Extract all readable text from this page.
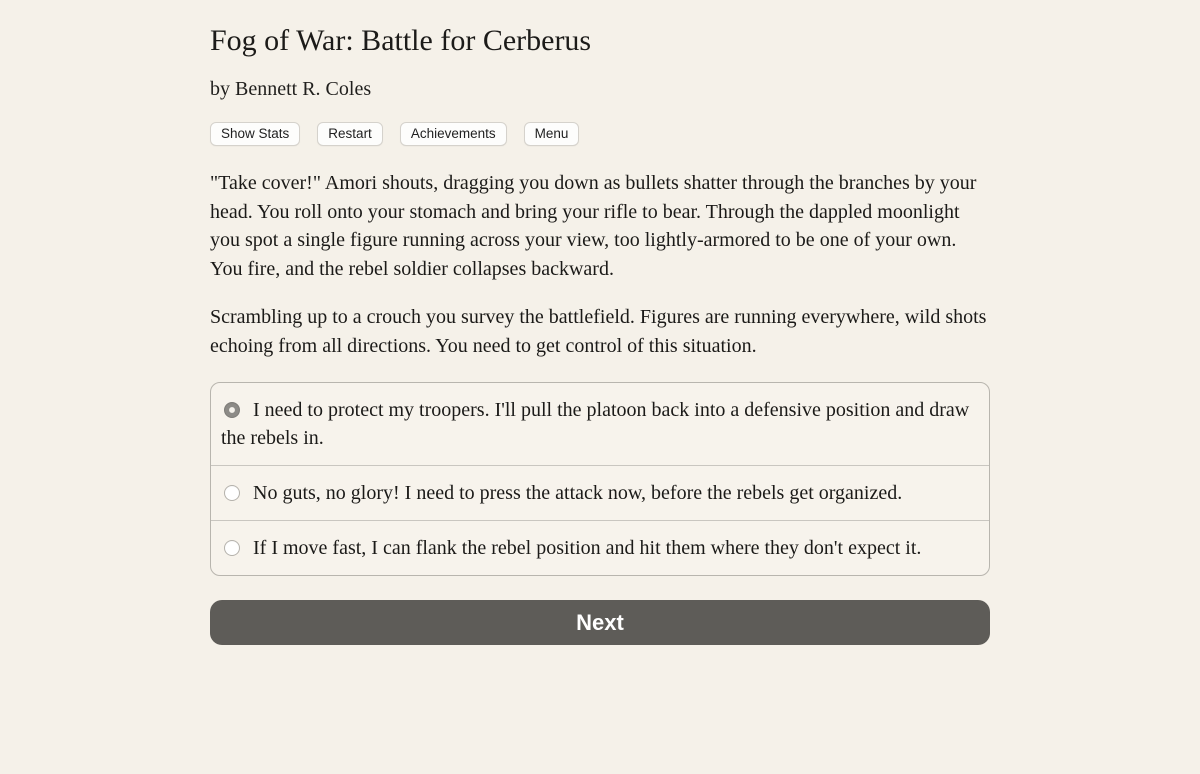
Fog of War: Battle for Cerberus
by Bennett R. Coles
Show Stats	Restart	Achievements	Menu

"Take cover!" Amori shouts, dragging you down as bullets shatter through the branches by your head. You roll onto your stomach and bring your rifle to bear. Through the dappled moonlight you spot a single figure running across your view, too lightly-armored to be one of your own. You fire, and the rebel soldier collapses backward.

Scrambling up to a crouch you survey the battlefield. Figures are running everywhere, wild shots echoing from all directions. You need to get control of this situation.

I need to protect my troopers. I'll pull the platoon back into a defensive position and draw the rebels in.
No guts, no glory! I need to press the attack now, before the rebels get organized.
If I move fast, I can flank the rebel position and hit them where they don't expect it.
Next
